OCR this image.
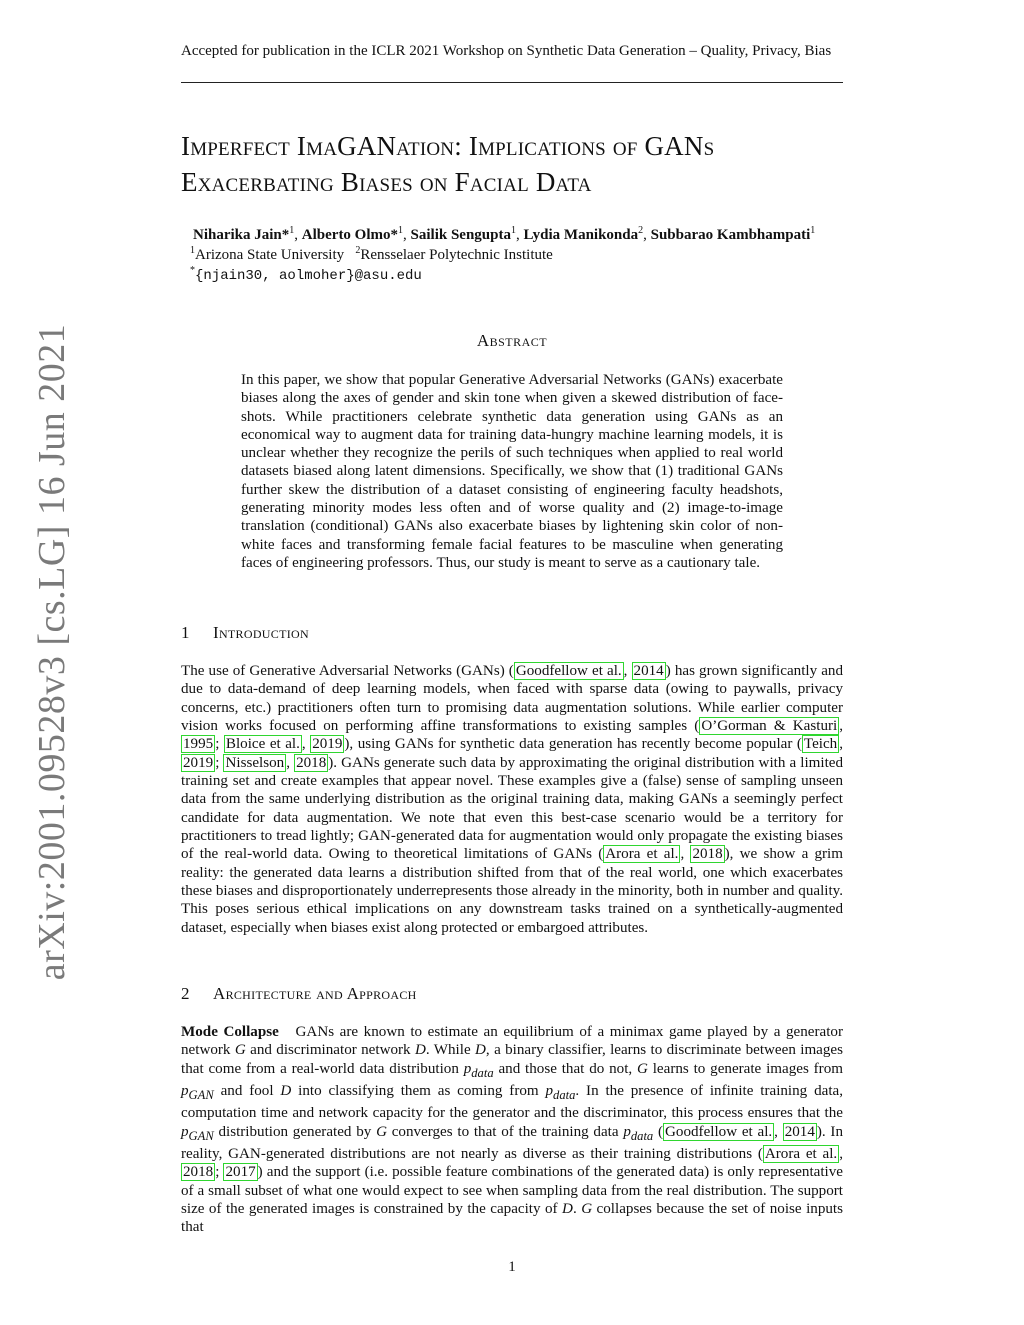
arXiv:2001.09528v3 [cs.LG] 16 Jun 2021
Accepted for publication in the ICLR 2021 Workshop on Synthetic Data Generation – Quality, Privacy, Bias
Imperfect ImaGANation: Implications of GANs
Exacerbating Biases on Facial Data
Niharika Jain*$^1$, Alberto Olmo*$^1$, Sailik Sengupta$^1$, Lydia Manikonda$^2$, Subbarao Kambhampati$^1$
$^1$Arizona State University $^2$Rensselaer Polytechnic Institute
*{njain30, aolmoher}@asu.edu
Abstract
In this paper, we show that popular Generative Adversarial Networks (GANs) exacerbate biases along the axes of gender and skin tone when given a skewed distribution of face-shots. While practitioners celebrate synthetic data generation using GANs as an economical way to augment data for training data-hungry machine learning models, it is unclear whether they recognize the perils of such techniques when applied to real world datasets biased along latent dimensions. Specifically, we show that (1) traditional GANs further skew the distribution of a dataset consisting of engineering faculty headshots, generating minority modes less often and of worse quality and (2) image-to-image translation (conditional) GANs also exacerbate biases by lightening skin color of non-white faces and transforming female facial features to be masculine when generating faces of engineering professors. Thus, our study is meant to serve as a cautionary tale.
1 Introduction
The use of Generative Adversarial Networks (GANs) ( Goodfellow et al. , 2014 ) has grown significantly and due to data-demand of deep learning models, when faced with sparse data (owing to paywalls, privacy concerns, etc.) practitioners often turn to promising data augmentation solutions. While earlier computer vision works focused on performing affine transformations to existing samples ( O’Gorman & Kasturi , 1995 ; Bloice et al. , 2019 ), using GANs for synthetic data generation has recently become popular ( Teich , 2019 ; Nisselson , 2018 ). GANs generate such data by approximating the original distribution with a limited training set and create examples that appear novel. These examples give a (false) sense of sampling unseen data from the same underlying distribution as the original training data, making GANs a seemingly perfect candidate for data augmentation. We note that even this best-case scenario would be a territory for practitioners to tread lightly; GAN-generated data for augmentation would only propagate the existing biases of the real-world data. Owing to theoretical limitations of GANs ( Arora et al. , 2018 ), we show a grim reality: the generated data learns a distribution shifted from that of the real world, one which exacerbates these biases and disproportionately underrepresents those already in the minority, both in number and quality. This poses serious ethical implications on any downstream tasks trained on a synthetically-augmented dataset, especially when biases exist along protected or embargoed attributes.
2 Architecture and Approach
Mode Collapse GANs are known to estimate an equilibrium of a minimax game played by a generator network G and discriminator network D. While D, a binary classifier, learns to discriminate between images that come from a real-world data distribution $p_{data}$ and those that do not, G learns to generate images from $p_{GAN}$ and fool D into classifying them as coming from $p_{data}$. In the presence of infinite training data, computation time and network capacity for the generator and the discriminator, this process ensures that the $p_{GAN}$ distribution generated by G converges to that of the training data $p_{data}$ ( Goodfellow et al. , 2014 ). In reality, GAN-generated distributions are not nearly as diverse as their training distributions ( Arora et al. , 2018 ; 2017 ) and the support (i.e. possible feature combinations of the generated data) is only representative of a small subset of what one would expect to see when sampling data from the real distribution. The support size of the generated images is constrained by the capacity of D. G collapses because the set of noise inputs that
1
